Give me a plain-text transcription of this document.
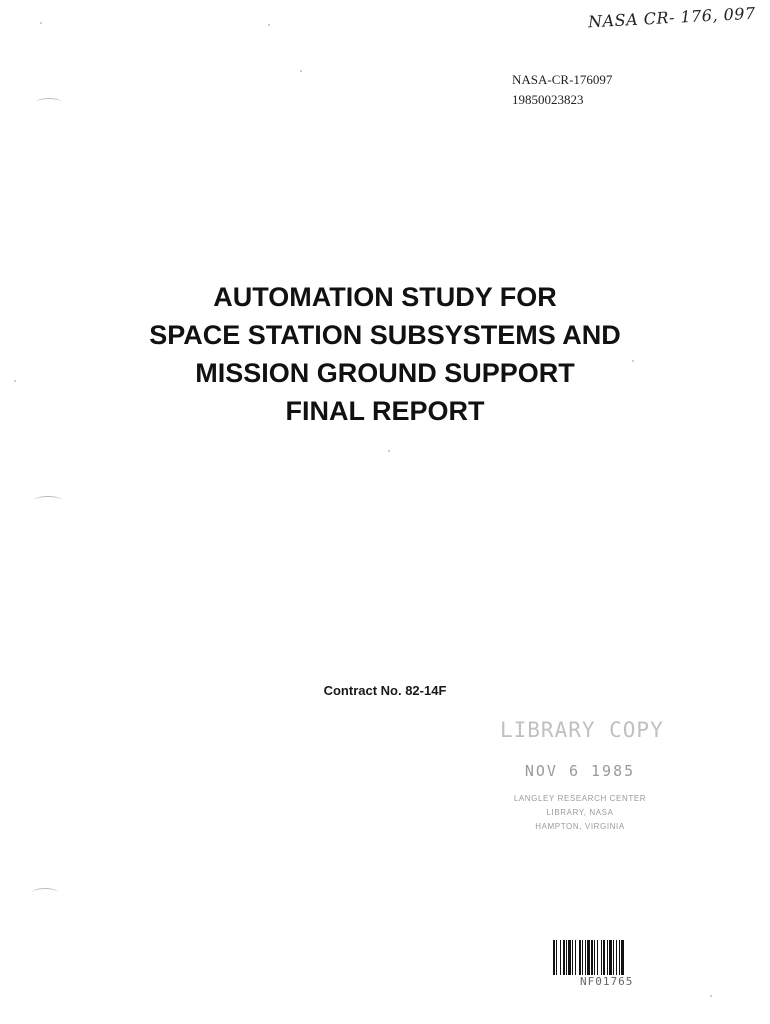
NASA CR- 176, 097
NASA-CR-176097
19850023823
AUTOMATION STUDY FOR
SPACE STATION SUBSYSTEMS AND
MISSION GROUND SUPPORT
FINAL REPORT
Contract No. 82-14F
LIBRARY COPY
NOV 6 1985
LANGLEY RESEARCH CENTER
LIBRARY, NASA
HAMPTON, VIRGINIA
NF01765
